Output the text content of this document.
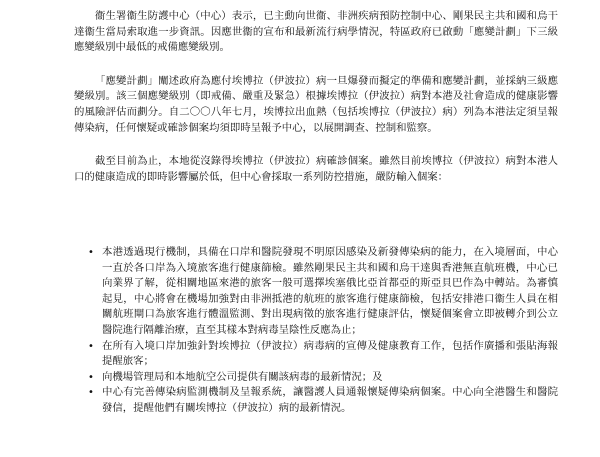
衞生署衞生防護中心（中心）表示，已主動向世衞、非洲疾病預防控制中心、剛果民主共和國和烏干達衞生當局索取進一步資訊。因應世衞的宣布和最新流行病學情況，特區政府已啟動「應變計劃」下三級應變級別中最低的戒備應變級別。

「應變計劃」闡述政府為應付埃博拉（伊波拉）病一旦爆發而擬定的準備和應變計劃，並採納三級應變級別。該三個應變級別（即戒備、嚴重及緊急）根據埃博拉（伊波拉）病對本港及社會造成的健康影響的風險評估而劃分。自二〇〇八年七月，埃博拉出血熱（包括埃博拉（伊波拉）病）列為本港法定須呈報傳染病，任何懷疑或確診個案均須即時呈報予中心，以展開調查、控制和監察。

截至目前為止，本地從沒錄得埃博拉（伊波拉）病確診個案。雖然目前埃博拉（伊波拉）病對本港人口的健康造成的即時影響屬於低，但中心會採取一系列防控措施，嚴防輸入個案：

• 本港透過現行機制，具備在口岸和醫院發現不明原因感染及新發傳染病的能力，在入境層面，中心一直於各口岸為入境旅客進行健康篩檢。雖然剛果民主共和國和烏干達與香港無直航班機，中心已向業界了解，從相關地區來港的旅客一般可選擇埃塞俄比亞首都亞的斯亞貝巴作為中轉站。為審慎起見，中心將會在機場加強對由非洲抵港的航班的旅客進行健康篩檢，包括安排港口衞生人員在相關航班閘口為旅客進行體溫監測、對出現病徵的旅客進行健康評估，懷疑個案會立即被轉介到公立醫院進行隔離治療，直至其樣本對病毒呈陰性反應為止；
• 在所有入境口岸加強針對埃博拉（伊波拉）病毒病的宣傳及健康教育工作，包括作廣播和張貼海報提醒旅客；
• 向機場管理局和本地航空公司提供有關該病毒的最新情況；及
• 中心有完善傳染病監測機制及呈報系統，讓醫護人員通報懷疑傳染病個案。中心向全港醫生和醫院發信，提醒他們有關埃博拉（伊波拉）病的最新情況。
